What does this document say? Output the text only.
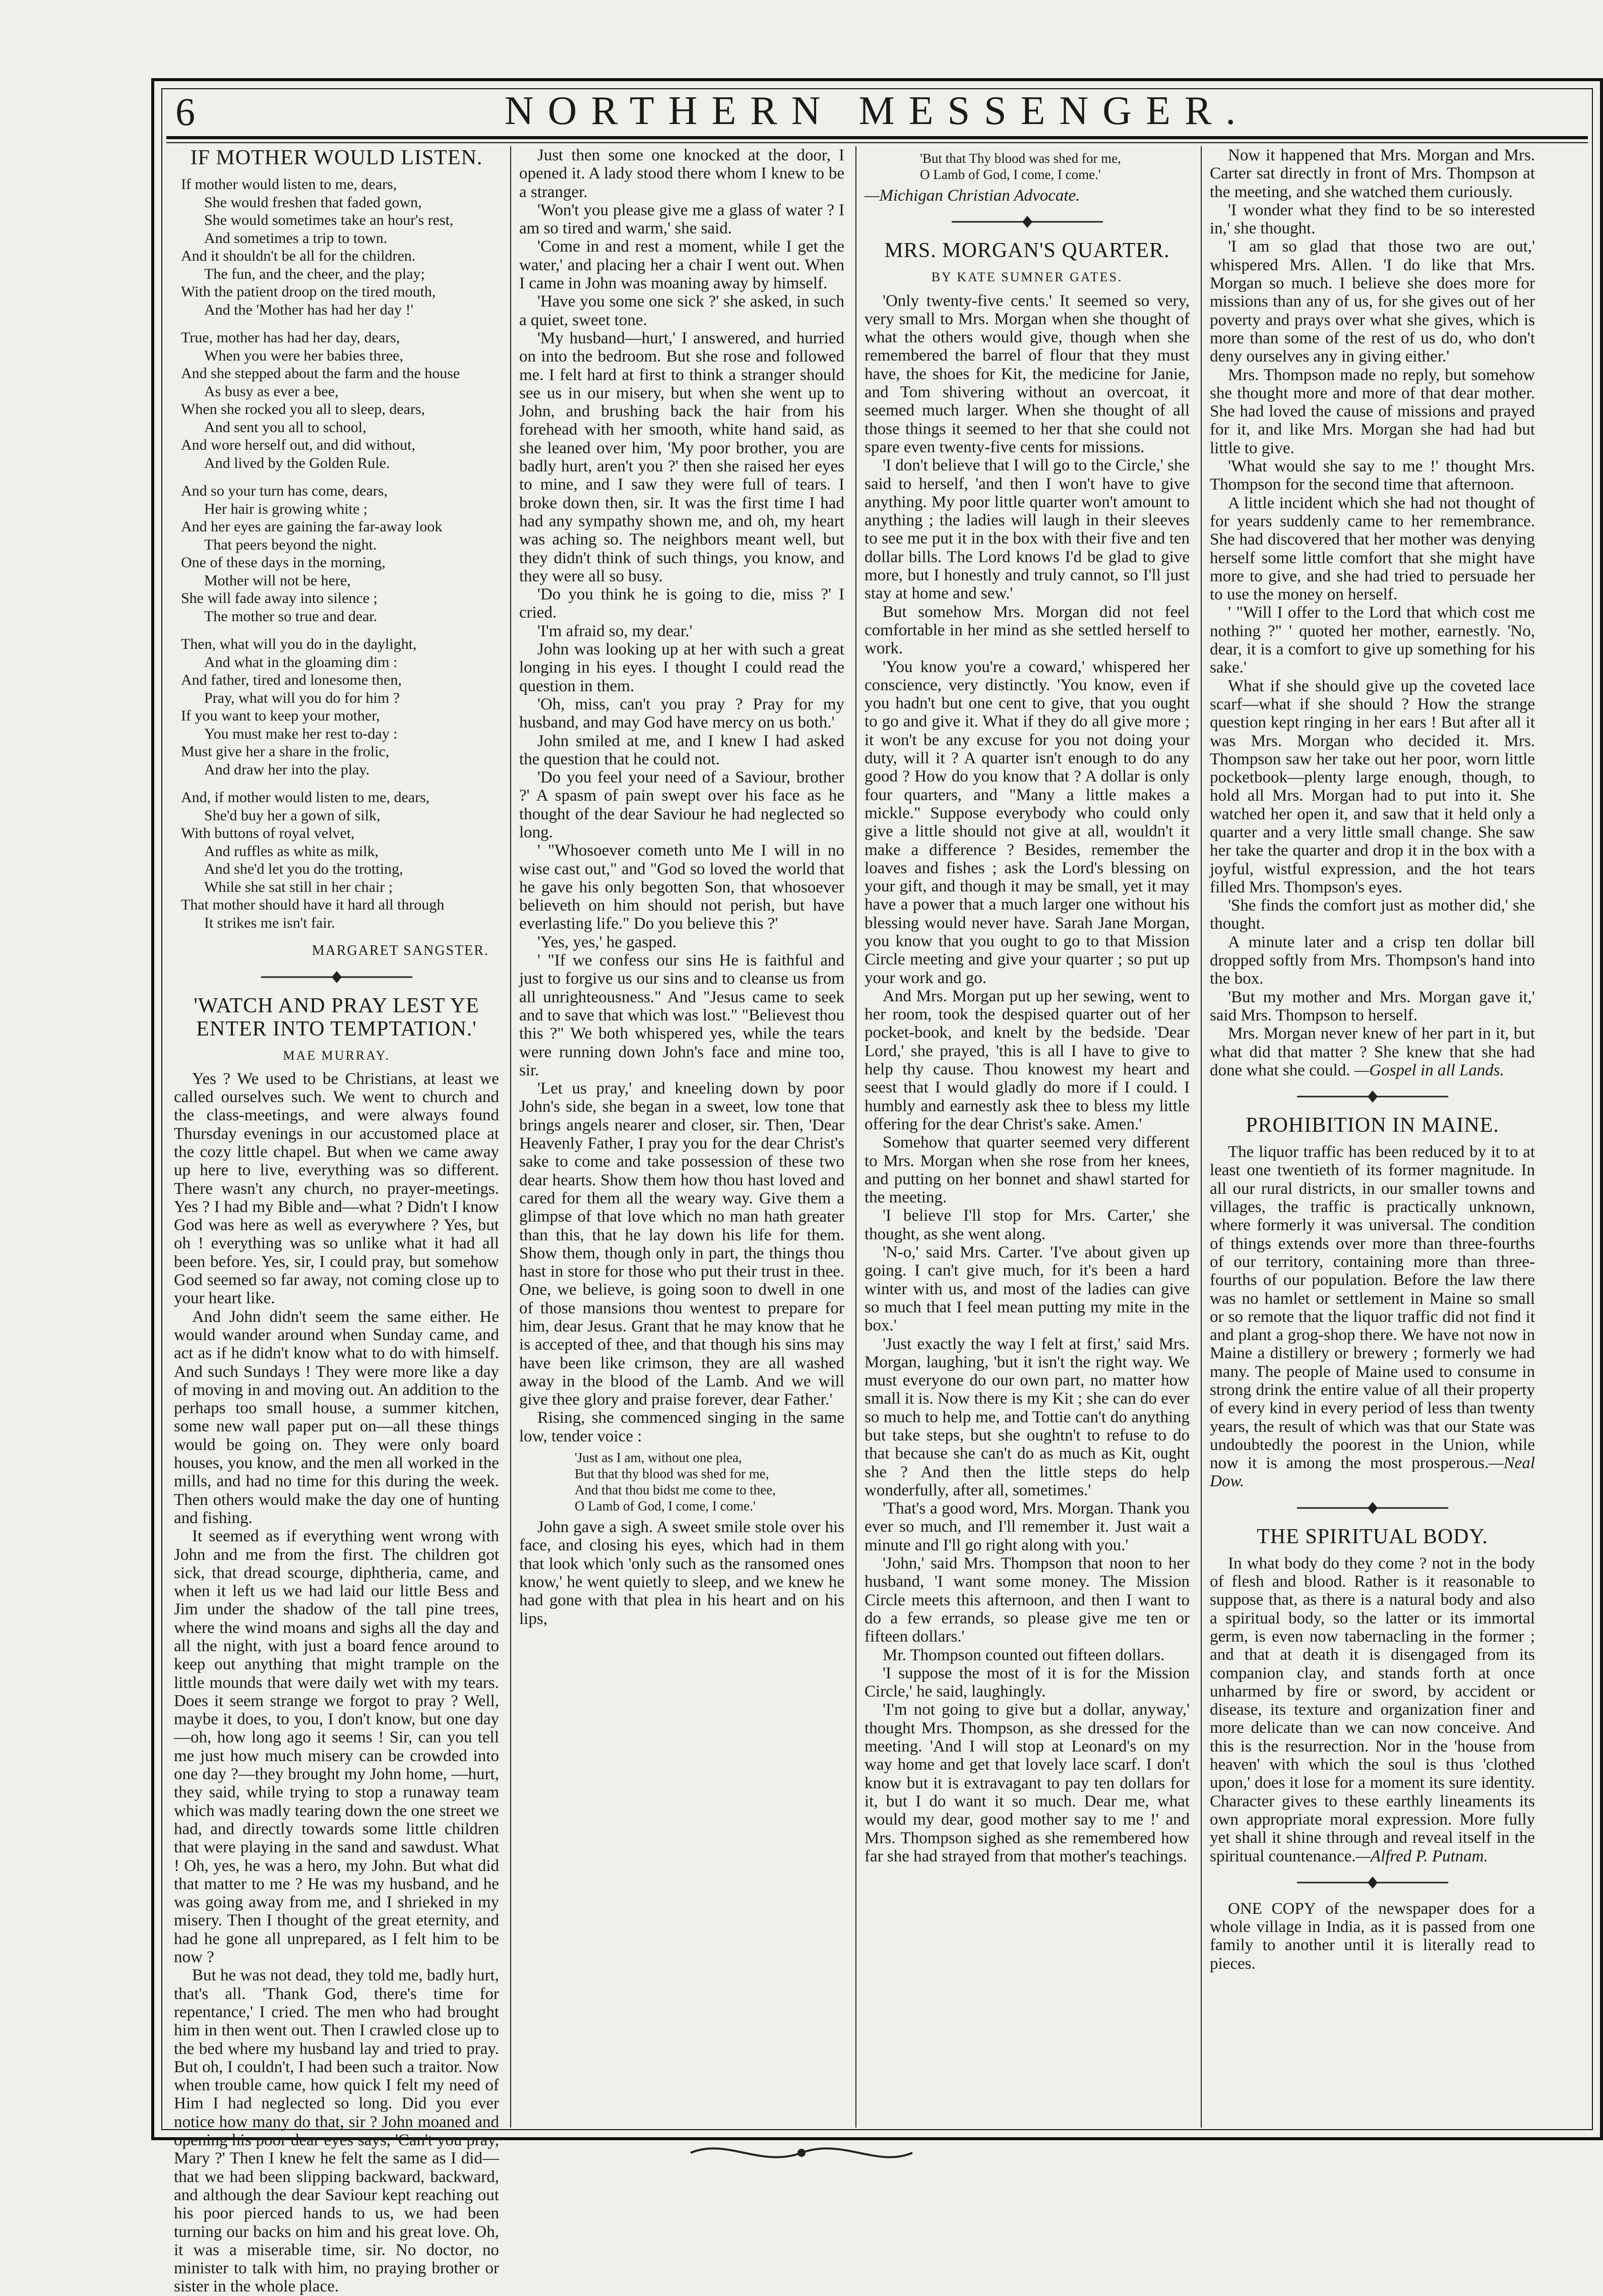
6	NORTHERN MESSENGER.
IF MOTHER WOULD LISTEN.
If mother would listen to me, dears,
She would freshen that faded gown,
She would sometimes take an hour's rest,
And sometimes a trip to town.
And it shouldn't be all for the children.
The fun, and the cheer, and the play;
With the patient droop on the tired mouth,
And the 'Mother has had her day !'
True, mother has had her day, dears,
When you were her babies three,
And she stepped about the farm and the house
As busy as ever a bee,
When she rocked you all to sleep, dears,
And sent you all to school,
And wore herself out, and did without,
And lived by the Golden Rule.
And so your turn has come, dears,
Her hair is growing white ;
And her eyes are gaining the far-away look
That peers beyond the night.
One of these days in the morning,
Mother will not be here,
She will fade away into silence ;
The mother so true and dear.
Then, what will you do in the daylight,
And what in the gloaming dim :
And father, tired and lonesome then,
Pray, what will you do for him ?
If you want to keep your mother,
You must make her rest to-day :
Must give her a share in the frolic,
And draw her into the play.
And, if mother would listen to me, dears,
She'd buy her a gown of silk,
With buttons of royal velvet,
And ruffles as white as milk,
And she'd let you do the trotting,
While she sat still in her chair ;
That mother should have it hard all through
It strikes me isn't fair.
MARGARET SANGSTER.
'WATCH AND PRAY LEST YE ENTER INTO TEMPTATION.'
MAE MURRAY.

Yes ? We used to be Christians, at least we called ourselves such. We went to church and the class-meetings, and were always found Thursday evenings in our accustomed place at the cozy little chapel. But when we came away up here to live, everything was so different. There wasn't any church, no prayer-meetings. Yes ? I had my Bible and—what ? Didn't I know God was here as well as everywhere ? Yes, but oh ! everything was so unlike what it had all been before. Yes, sir, I could pray, but somehow God seemed so far away, not coming close up to your heart like.

And John didn't seem the same either. He would wander around when Sunday came, and act as if he didn't know what to do with himself. And such Sundays ! They were more like a day of moving in and moving out. An addition to the perhaps too small house, a summer kitchen, some new wall paper put on—all these things would be going on. They were only board houses, you know, and the men all worked in the mills, and had no time for this during the week. Then others would make the day one of hunting and fishing.

It seemed as if everything went wrong with John and me from the first. The children got sick, that dread scourge, diphtheria, came, and when it left us we had laid our little Bess and Jim under the shadow of the tall pine trees, where the wind moans and sighs all the day and all the night, with just a board fence around to keep out anything that might trample on the little mounds that were daily wet with my tears. Does it seem strange we forgot to pray ? Well, maybe it does, to you, I don't know, but one day—oh, how long ago it seems ! Sir, can you tell me just how much misery can be crowded into one day ?—they brought my John home, —hurt, they said, while trying to stop a runaway team which was madly tearing down the one street we had, and directly towards some little children that were playing in the sand and sawdust. What ! Oh, yes, he was a hero, my John. But what did that matter to me ? He was my husband, and he was going away from me, and I shrieked in my misery. Then I thought of the great eternity, and had he gone all unprepared, as I felt him to be now ?

But he was not dead, they told me, badly hurt, that's all. 'Thank God, there's time for repentance,' I cried. The men who had brought him in then went out. Then I crawled close up to the bed where my husband lay and tried to pray. But oh, I couldn't, I had been such a traitor. Now when trouble came, how quick I felt my need of Him I had neglected so long. Did you ever notice how many do that, sir ? John moaned and opening his poor dear eyes says, 'Can't you pray, Mary ?' Then I knew he felt the same as I did—that we had been slipping backward, backward, and although the dear Saviour kept reaching out his poor pierced hands to us, we had been turning our backs on him and his great love. Oh, it was a miserable time, sir. No doctor, no minister to talk with him, no praying brother or sister in the whole place.

Just then some one knocked at the door, I opened it. A lady stood there whom I knew to be a stranger.

'Won't you please give me a glass of water ? I am so tired and warm,' she said.

'Come in and rest a moment, while I get the water,' and placing her a chair I went out. When I came in John was moaning away by himself.

'Have you some one sick ?' she asked, in such a quiet, sweet tone.

'My husband—hurt,' I answered, and hurried on into the bedroom. But she rose and followed me. I felt hard at first to think a stranger should see us in our misery, but when she went up to John, and brushing back the hair from his forehead with her smooth, white hand said, as she leaned over him, 'My poor brother, you are badly hurt, aren't you ?' then she raised her eyes to mine, and I saw they were full of tears. I broke down then, sir. It was the first time I had had any sympathy shown me, and oh, my heart was aching so. The neighbors meant well, but they didn't think of such things, you know, and they were all so busy.

'Do you think he is going to die, miss ?' I cried.

'I'm afraid so, my dear.'

John was looking up at her with such a great longing in his eyes. I thought I could read the question in them.

'Oh, miss, can't you pray ? Pray for my husband, and may God have mercy on us both.'

John smiled at me, and I knew I had asked the question that he could not.

'Do you feel your need of a Saviour, brother ?' A spasm of pain swept over his face as he thought of the dear Saviour he had neglected so long.

' "Whosoever cometh unto Me I will in no wise cast out," and "God so loved the world that he gave his only begotten Son, that whosoever believeth on him should not perish, but have everlasting life." Do you believe this ?'

'Yes, yes,' he gasped.

' "If we confess our sins He is faithful and just to forgive us our sins and to cleanse us from all unrighteousness." And "Jesus came to seek and to save that which was lost." "Believest thou this ?" We both whispered yes, while the tears were running down John's face and mine too, sir.

'Let us pray,' and kneeling down by poor John's side, she began in a sweet, low tone that brings angels nearer and closer, sir. Then, 'Dear Heavenly Father, I pray you for the dear Christ's sake to come and take possession of these two dear hearts. Show them how thou hast loved and cared for them all the weary way. Give them a glimpse of that love which no man hath greater than this, that he lay down his life for them. Show them, though only in part, the things thou hast in store for those who put their trust in thee. One, we believe, is going soon to dwell in one of those mansions thou wentest to prepare for him, dear Jesus. Grant that he may know that he is accepted of thee, and that though his sins may have been like crimson, they are all washed away in the blood of the Lamb. And we will give thee glory and praise forever, dear Father.'

Rising, she commenced singing in the same low, tender voice :

'Just as I am, without one plea,
But that thy blood was shed for me,
And that thou bidst me come to thee,
O Lamb of God, I come, I come.'

John gave a sigh. A sweet smile stole over his face, and closing his eyes, which had in them that look which 'only such as the ransomed ones know,' he went quietly to sleep, and we knew he had gone with that plea in his heart and on his lips,

'But that Thy blood was shed for me,
O Lamb of God, I come, I come.'

—Michigan Christian Advocate.

MRS. MORGAN'S QUARTER.
BY KATE SUMNER GATES.

'Only twenty-five cents.' It seemed so very, very small to Mrs. Morgan when she thought of what the others would give, though when she remembered the barrel of flour that they must have, the shoes for Kit, the medicine for Janie, and Tom shivering without an overcoat, it seemed much larger. When she thought of all those things it seemed to her that she could not spare even twenty-five cents for missions.

'I don't believe that I will go to the Circle,' she said to herself, 'and then I won't have to give anything. My poor little quarter won't amount to anything ; the ladies will laugh in their sleeves to see me put it in the box with their five and ten dollar bills. The Lord knows I'd be glad to give more, but I honestly and truly cannot, so I'll just stay at home and sew.'

But somehow Mrs. Morgan did not feel comfortable in her mind as she settled herself to work.

'You know you're a coward,' whispered her conscience, very distinctly. 'You know, even if you hadn't but one cent to give, that you ought to go and give it. What if they do all give more ; it won't be any excuse for you not doing your duty, will it ? A quarter isn't enough to do any good ? How do you know that ? A dollar is only four quarters, and "Many a little makes a mickle." Suppose everybody who could only give a little should not give at all, wouldn't it make a difference ? Besides, remember the loaves and fishes ; ask the Lord's blessing on your gift, and though it may be small, yet it may have a power that a much larger one without his blessing would never have. Sarah Jane Morgan, you know that you ought to go to that Mission Circle meeting and give your quarter ; so put up your work and go.

And Mrs. Morgan put up her sewing, went to her room, took the despised quarter out of her pocket-book, and knelt by the bedside. 'Dear Lord,' she prayed, 'this is all I have to give to help thy cause. Thou knowest my heart and seest that I would gladly do more if I could. I humbly and earnestly ask thee to bless my little offering for the dear Christ's sake. Amen.'

Somehow that quarter seemed very different to Mrs. Morgan when she rose from her knees, and putting on her bonnet and shawl started for the meeting.

'I believe I'll stop for Mrs. Carter,' she thought, as she went along.

'N-o,' said Mrs. Carter. 'I've about given up going. I can't give much, for it's been a hard winter with us, and most of the ladies can give so much that I feel mean putting my mite in the box.'

'Just exactly the way I felt at first,' said Mrs. Morgan, laughing, 'but it isn't the right way. We must everyone do our own part, no matter how small it is. Now there is my Kit ; she can do ever so much to help me, and Tottie can't do anything but take steps, but she oughtn't to refuse to do that because she can't do as much as Kit, ought she ? And then the little steps do help wonderfully, after all, sometimes.'

'That's a good word, Mrs. Morgan. Thank you ever so much, and I'll remember it. Just wait a minute and I'll go right along with you.'

'John,' said Mrs. Thompson that noon to her husband, 'I want some money. The Mission Circle meets this afternoon, and then I want to do a few errands, so please give me ten or fifteen dollars.'

Mr. Thompson counted out fifteen dollars.

'I suppose the most of it is for the Mission Circle,' he said, laughingly.

'I'm not going to give but a dollar, anyway,' thought Mrs. Thompson, as she dressed for the meeting. 'And I will stop at Leonard's on my way home and get that lovely lace scarf. I don't know but it is extravagant to pay ten dollars for it, but I do want it so much. Dear me, what would my dear, good mother say to me !' and Mrs. Thompson sighed as she remembered how far she had strayed from that mother's teachings.

Now it happened that Mrs. Morgan and Mrs. Carter sat directly in front of Mrs. Thompson at the meeting, and she watched them curiously.

'I wonder what they find to be so interested in,' she thought.

'I am so glad that those two are out,' whispered Mrs. Allen. 'I do like that Mrs. Morgan so much. I believe she does more for missions than any of us, for she gives out of her poverty and prays over what she gives, which is more than some of the rest of us do, who don't deny ourselves any in giving either.'

Mrs. Thompson made no reply, but somehow she thought more and more of that dear mother. She had loved the cause of missions and prayed for it, and like Mrs. Morgan she had had but little to give.

'What would she say to me !' thought Mrs. Thompson for the second time that afternoon.

A little incident which she had not thought of for years suddenly came to her remembrance. She had discovered that her mother was denying herself some little comfort that she might have more to give, and she had tried to persuade her to use the money on herself.

' "Will I offer to the Lord that which cost me nothing ?" ' quoted her mother, earnestly. 'No, dear, it is a comfort to give up something for his sake.'

What if she should give up the coveted lace scarf—what if she should ? How the strange question kept ringing in her ears ! But after all it was Mrs. Morgan who decided it. Mrs. Thompson saw her take out her poor, worn little pocketbook—plenty large enough, though, to hold all Mrs. Morgan had to put into it. She watched her open it, and saw that it held only a quarter and a very little small change. She saw her take the quarter and drop it in the box with a joyful, wistful expression, and the hot tears filled Mrs. Thompson's eyes.

'She finds the comfort just as mother did,' she thought.

A minute later and a crisp ten dollar bill dropped softly from Mrs. Thompson's hand into the box.

'But my mother and Mrs. Morgan gave it,' said Mrs. Thompson to herself.

Mrs. Morgan never knew of her part in it, but what did that matter ? She knew that she had done what she could. —Gospel in all Lands.

PROHIBITION IN MAINE.

The liquor traffic has been reduced by it to at least one twentieth of its former magnitude. In all our rural districts, in our smaller towns and villages, the traffic is practically unknown, where formerly it was universal. The condition of things extends over more than three-fourths of our territory, containing more than three-fourths of our population. Before the law there was no hamlet or settlement in Maine so small or so remote that the liquor traffic did not find it and plant a grog-shop there. We have not now in Maine a distillery or brewery ; formerly we had many. The people of Maine used to consume in strong drink the entire value of all their property of every kind in every period of less than twenty years, the result of which was that our State was undoubtedly the poorest in the Union, while now it is among the most prosperous.—Neal Dow.

THE SPIRITUAL BODY.

In what body do they come ? not in the body of flesh and blood. Rather is it reasonable to suppose that, as there is a natural body and also a spiritual body, so the latter or its immortal germ, is even now tabernacling in the former ; and that at death it is disengaged from its companion clay, and stands forth at once unharmed by fire or sword, by accident or disease, its texture and organization finer and more delicate than we can now conceive. And this is the resurrection. Nor in the 'house from heaven' with which the soul is thus 'clothed upon,' does it lose for a moment its sure identity. Character gives to these earthly lineaments its own appropriate moral expression. More fully yet shall it shine through and reveal itself in the spiritual countenance.—Alfred P. Putnam.

ONE COPY of the newspaper does for a whole village in India, as it is passed from one family to another until it is literally read to pieces.
